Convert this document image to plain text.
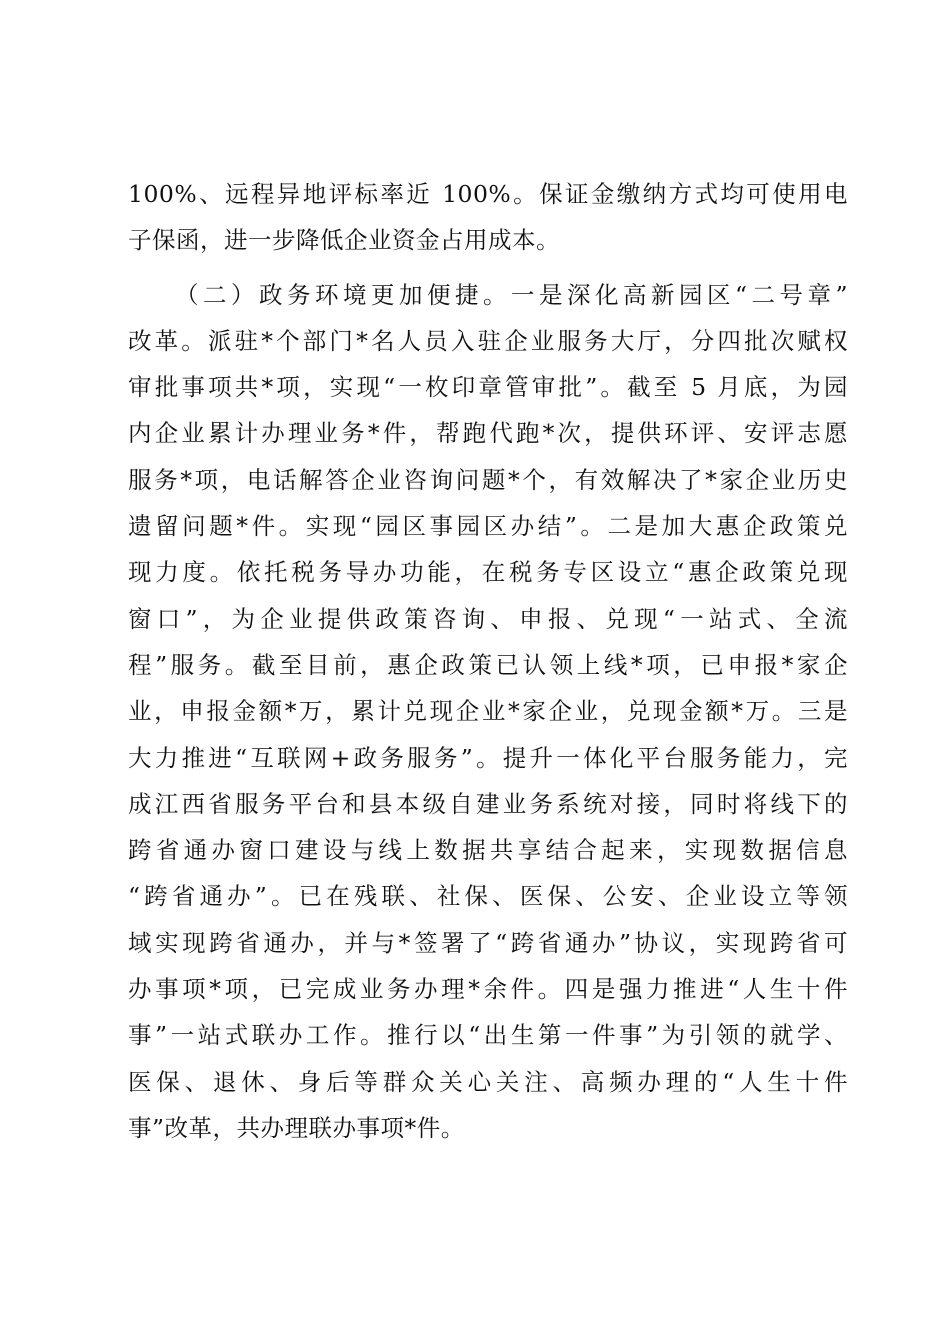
100%、远程异地评标率近 100%。保证金缴纳方式均可使用电
子保函，进一步降低企业资金占用成本。
（二）政务环境更加便捷。一是深化高新园区“二号章”
改革。派驻*个部门*名人员入驻企业服务大厅，分四批次赋权
审批事项共*项，实现“一枚印章管审批”。截至 5 月底，为园
内企业累计办理业务*件，帮跑代跑*次，提供环评、安评志愿
服务*项，电话解答企业咨询问题*个，有效解决了*家企业历史
遗留问题*件。实现“园区事园区办结”。二是加大惠企政策兑
现力度。依托税务导办功能，在税务专区设立“惠企政策兑现
窗口”，为企业提供政策咨询、申报、兑现“一站式、全流
程”服务。截至目前，惠企政策已认领上线*项，已申报*家企
业，申报金额*万，累计兑现企业*家企业，兑现金额*万。三是
大力推进“互联网+政务服务”。提升一体化平台服务能力，完
成江西省服务平台和县本级自建业务系统对接，同时将线下的
跨省通办窗口建设与线上数据共享结合起来，实现数据信息
“跨省通办”。已在残联、社保、医保、公安、企业设立等领
域实现跨省通办，并与*签署了“跨省通办”协议，实现跨省可
办事项*项，已完成业务办理*余件。四是强力推进“人生十件
事”一站式联办工作。推行以“出生第一件事”为引领的就学、
医保、退休、身后等群众关心关注、高频办理的“人生十件
事”改革，共办理联办事项*件。
